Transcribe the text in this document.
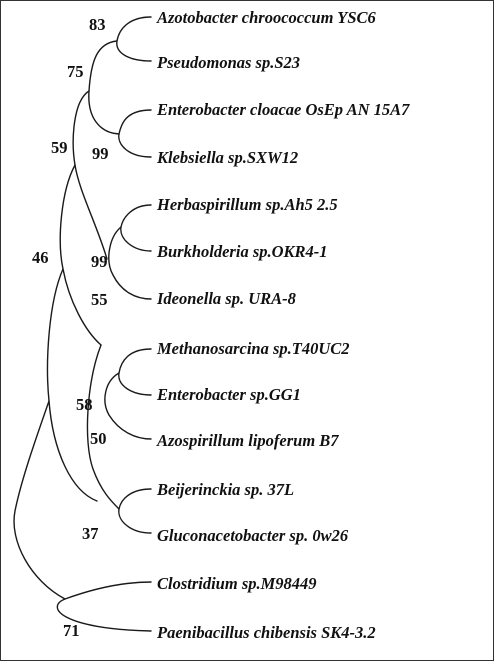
Azotobacter chroococcum YSC6
Pseudomonas sp.S23
Enterobacter cloacae OsEp AN 15A7
Klebsiella sp.SXW12
Herbaspirillum sp.Ah5 2.5
Burkholderia sp.OKR4-1
Ideonella sp. URA-8
Methanosarcina sp.T40UC2
Enterobacter sp.GG1
Azospirillum lipoferum B7
Beijerinckia sp. 37L
Gluconacetobacter sp. 0w26
Clostridium sp.M98449
Paenibacillus chibensis SK4-3.2
83
75
59 99
46	99
55
58
50
37
71
